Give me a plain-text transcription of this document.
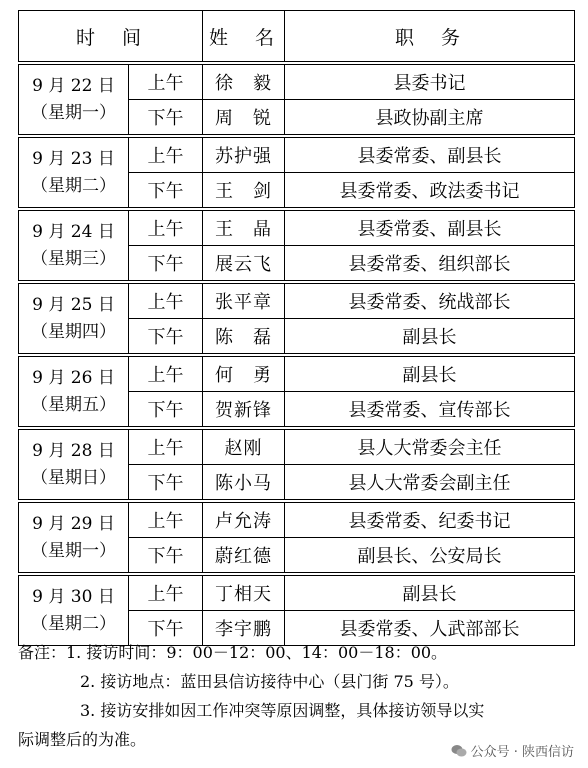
时　间		姓　名	职　务

9 月 22 日
（星期一）	上午	徐　毅	县委书记
	下午	周　锐	县政协副主席

9 月 23 日
（星期二）	上午	苏护强	县委常委、副县长
	下午	王　剑	县委常委、政法委书记

9 月 24 日
（星期三）	上午	王　晶	县委常委、副县长
	下午	展云飞	县委常委、组织部长

9 月 25 日
（星期四）	上午	张平章	县委常委、统战部长
	下午	陈　磊	副县长

9 月 26 日
（星期五）	上午	何　勇	副县长
	下午	贺新锋	县委常委、宣传部长

9 月 28 日
（星期日）	上午	赵刚	县人大常委会主任
	下午	陈小马	县人大常委会副主任

9 月 29 日
（星期一）	上午	卢允涛	县委常委、纪委书记
	下午	蔚红德	副县长、公安局长

9 月 30 日
（星期二）	上午	丁相天	副县长
	下午	李宇鹏	县委常委、人武部部长

备注：1. 接访时间：9：00－12：00、14：00－18：00。

2. 接访地点：蓝田县信访接待中心（县门街 75 号）。

3. 接访安排如因工作冲突等原因调整，具体接访领导以实

际调整后的为准。

公众号 · 陕西信访
